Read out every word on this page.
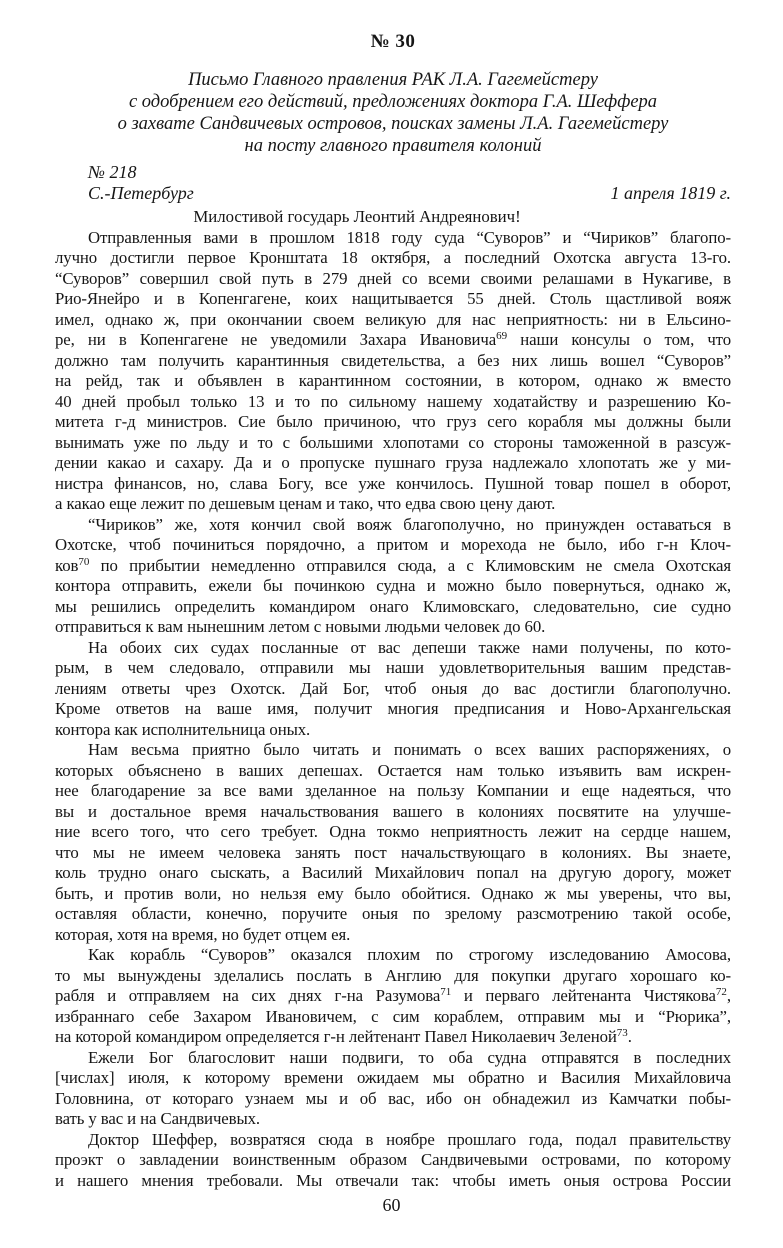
№ 30
Письмо Главного правления РАК Л.А. Гагемейстеру
с одобрением его действий, предложениях доктора Г.А. Шеффера
о захвате Сандвичевых островов, поисках замены Л.А. Гагемейстеру
на посту главного правителя колоний
№ 218
С.-Петербург	1 апреля 1819 г.
Милостивой государь Леонтий Андреянович!
Отправленныя вами в прошлом 1818 году суда “Суворов” и “Чириков” благопо-
лучно достигли первое Кронштата 18 октября, а последний Охотска августа 13-го.
“Суворов” совершил свой путь в 279 дней со всеми своими релашами в Нукагиве, в
Рио-Янейро и в Копенгагене, коих нащитывается 55 дней. Столь щастливой вояж
имел, однако ж, при окончании своем великую для нас неприятность: ни в Ельсино-
ре, ни в Копенгагене не уведомили Захара Ивановича$^{69}$ наши консулы о том, что
должно там получить карантинныя свидетельства, а без них лишь вошел “Суворов”
на рейд, так и объявлен в карантинном состоянии, в котором, однако ж вместо
40 дней пробыл только 13 и то по сильному нашему ходатайству и разрешению Ко-
митета г-д министров. Сие было причиною, что груз сего корабля мы должны были
вынимать уже по льду и то с большими хлопотами со стороны таможенной в разсуж-
дении какао и сахару. Да и о пропуске пушнаго груза надлежало хлопотать же у ми-
нистра финансов, но, слава Богу, все уже кончилось. Пушной товар пошел в оборот,
а какао еще лежит по дешевым ценам и тако, что едва свою цену дают.
“Чириков” же, хотя кончил свой вояж благополучно, но принужден оставаться в
Охотске, чтоб починиться порядочно, а притом и морехода не было, ибо г-н Клоч-
ков$^{70}$ по прибытии немедленно отправился сюда, а с Климовским не смела Охотская
контора отправить, ежели бы починкою судна и можно было повернуться, однако ж,
мы решились определить командиром онаго Климовскаго, следовательно, сие судно
отправиться к вам нынешним летом с новыми людьми человек до 60.
На обоих сих судах посланные от вас депеши также нами получены, по кото-
рым, в чем следовало, отправили мы наши удовлетворительныя вашим представ-
лениям ответы чрез Охотск. Дай Бог, чтоб оныя до вас достигли благополучно.
Кроме ответов на ваше имя, получит многия предписания и Ново-Архангельская
контора как исполнительница оных.
Нам весьма приятно было читать и понимать о всех ваших распоряжениях, о
которых объяснено в ваших депешах. Остается нам только изъявить вам искрен-
нее благодарение за все вами зделанное на пользу Компании и еще надеяться, что
вы и достальное время начальствования вашего в колониях посвятите на улучше-
ние всего того, что сего требует. Одна токмо неприятность лежит на сердце нашем,
что мы не имеем человека занять пост начальствующаго в колониях. Вы знаете,
коль трудно онаго сыскать, а Василий Михайлович попал на другую дорогу, может
быть, и против воли, но нельзя ему было обойтися. Однако ж мы уверены, что вы,
оставляя области, конечно, поручите оныя по зрелому разсмотрению такой особе,
которая, хотя на время, но будет отцем ея.
Как корабль “Суворов” оказался плохим по строгому изследованию Амосова,
то мы вынуждены зделались послать в Англию для покупки другаго хорошаго ко-
рабля и отправляем на сих днях г-на Разумова$^{71}$ и перваго лейтенанта Чистякова$^{72}$,
избраннаго себе Захаром Ивановичем, с сим кораблем, отправим мы и “Рюрика”,
на которой командиром определяется г-н лейтенант Павел Николаевич Зеленой$^{73}$.
Ежели Бог благословит наши подвиги, то оба судна отправятся в последних
[числах] июля, к которому времени ожидаем мы обратно и Василия Михайловича
Головнина, от котораго узнаем мы и об вас, ибо он обнадежил из Камчатки побы-
вать у вас и на Сандвичевых.
Доктор Шеффер, возвратяся сюда в ноябре прошлаго года, подал правительству
проэкт о завладении воинственным образом Сандвичевыми островами, по которому
и нашего мнения требовали. Мы отвечали так: чтобы иметь оныя острова России
60
